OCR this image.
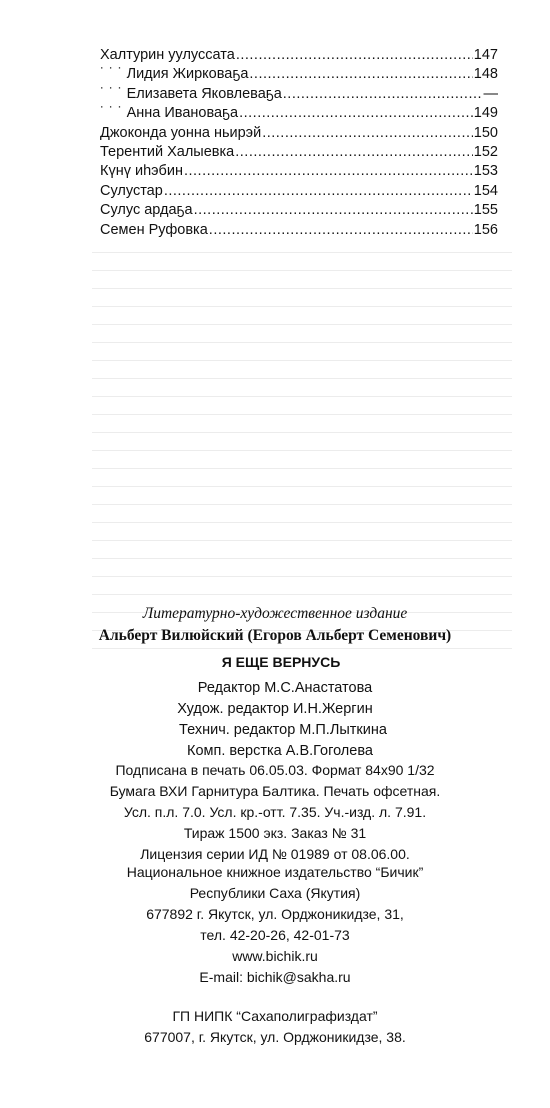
Халтурин уулуссата .....	147
˙ ˙ ˙ Лидия Жирковаҕа .....	148
˙ ˙ ˙ Елизавета Яковлеваҕа .....	—
˙ ˙ ˙ Анна Ивановаҕа .....	149
Джоконда уонна ньирэй .....	150
Терентий Халыевка .....	152
Күнү иһэбин .....	153
Сулустар .....	154
Сулус ардаҕа .....	155
Семен Руфовка .....	156
Литературно-художественное издание
Альберт Вилюйский (Егоров Альберт Семенович)
Я ЕЩЕ ВЕРНУСЬ
Редактор М.С.Анастатова
Худож. редактор И.Н.Жергин
Технич. редактор М.П.Лыткина
Комп. верстка А.В.Гоголева
Подписана в печать 06.05.03. Формат 84х90 1/32
Бумага ВХИ Гарнитура Балтика. Печать офсетная.
Усл. п.л. 7.0. Усл. кр.-отт. 7.35. Уч.-изд. л. 7.91.
Тираж 1500 экз. Заказ № 31
Лицензия серии ИД № 01989 от 08.06.00.
Национальное книжное издательство “Бичик”
Республики Саха (Якутия)
677892 г. Якутск, ул. Орджоникидзе, 31,
тел. 42-20-26, 42-01-73
www.bichik.ru
E-mail: bichik@sakha.ru
ГП НИПК “Сахаполиграфиздат”
677007, г. Якутск, ул. Орджоникидзе, 38.
